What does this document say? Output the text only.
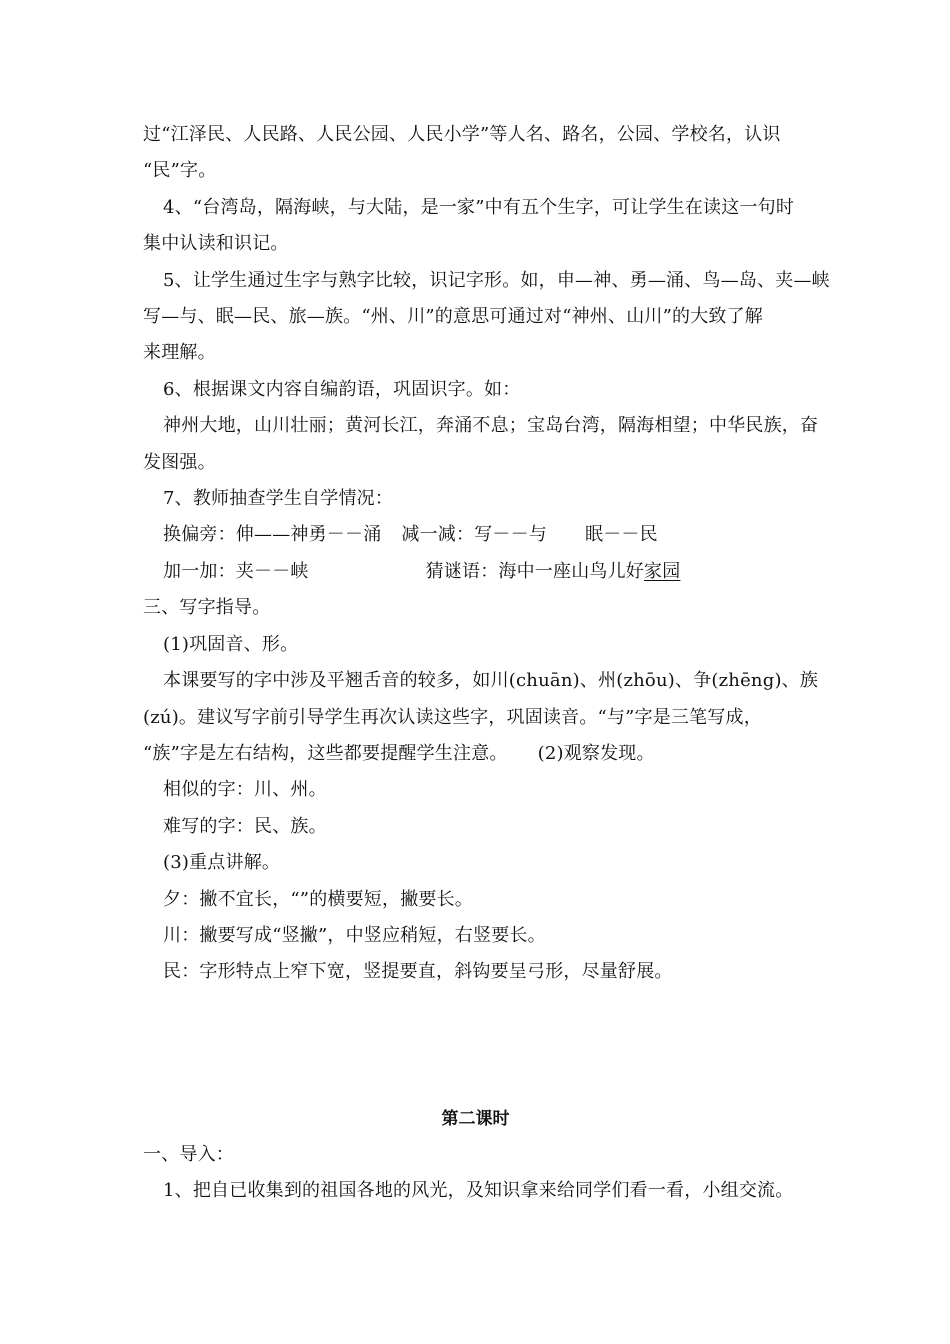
过“江泽民、人民路、人民公园、人民小学”等人名、路名，公园、学校名，认识
“民”字。
4、“台湾岛，隔海峡，与大陆，是一家”中有五个生字，可让学生在读这一句时
集中认读和识记。
5、让学生通过生字与熟字比较，识记字形。如，申—神、勇—涌、鸟—岛、夹—峡
写—与、眠—民、旅—族。“州、川”的意思可通过对“神州、山川”的大致了解
来理解。
6、根据课文内容自编韵语，巩固识字。如：
神州大地，山川壮丽；黄河长江，奔涌不息；宝岛台湾，隔海相望；中华民族，奋
发图强。
7、教师抽查学生自学情况：
换偏旁：伸——神勇－－涌 减一减：写－－与 眠－－民
加一加：夹－－峡	猜谜语：海中一座山鸟儿好家园
三、写字指导。
(1)巩固音、形。
本课要写的字中涉及平翘舌音的较多，如川(chuān)、州(zhōu)、争(zhēng)、族
(zú)。建议写字前引导学生再次认读这些字，巩固读音。“与”字是三笔写成，
“族”字是左右结构，这些都要提醒学生注意。 (2)观察发现。
相似的字：川、州。
难写的字：民、族。
(3)重点讲解。
夕：撇不宜长，“”的横要短，撇要长。
川：撇要写成“竖撇”，中竖应稍短，右竖要长。
民：字形特点上窄下宽，竖提要直，斜钩要呈弓形，尽量舒展。
第二课时
一、导入：
1、把自已收集到的祖国各地的风光，及知识拿来给同学们看一看，小组交流。
